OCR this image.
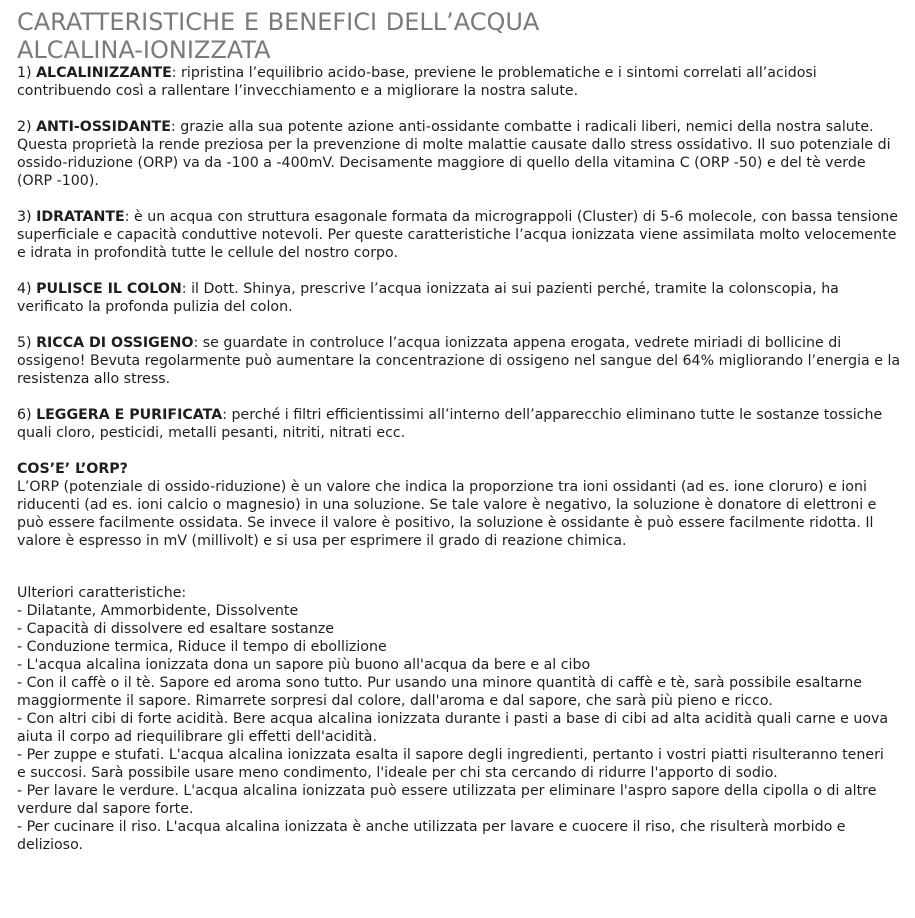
CARATTERISTICHE E BENEFICI DELL’ACQUA
ALCALINA-IONIZZATA

1) ALCALINIZZANTE: ripristina l’equilibrio acido-base, previene le problematiche e i sintomi correlati all’acidosi contribuendo così a rallentare l’invecchiamento e a migliorare la nostra salute.

2) ANTI-OSSIDANTE: grazie alla sua potente azione anti-ossidante combatte i radicali liberi, nemici della nostra salute. Questa proprietà la rende preziosa per la prevenzione di molte malattie causate dallo stress ossidativo. Il suo potenziale di ossido-riduzione (ORP) va da -100 a -400mV. Decisamente maggiore di quello della vitamina C (ORP -50) e del tè verde (ORP -100).

3) IDRATANTE: è un acqua con struttura esagonale formata da micrograppoli (Cluster) di 5-6 molecole, con bassa tensione superficiale e capacità conduttive notevoli. Per queste caratteristiche l’acqua ionizzata viene assimilata molto velocemente e idrata in profondità tutte le cellule del nostro corpo.

4) PULISCE IL COLON: il Dott. Shinya, prescrive l’acqua ionizzata ai sui pazienti perché, tramite la colonscopia, ha verificato la profonda pulizia del colon.

5) RICCA DI OSSIGENO: se guardate in controluce l’acqua ionizzata appena erogata, vedrete miriadi di bollicine di ossigeno! Bevuta regolarmente può aumentare la concentrazione di ossigeno nel sangue del 64% migliorando l’energia e la resistenza allo stress.

6) LEGGERA E PURIFICATA: perché i filtri efficientissimi all’interno dell’apparecchio eliminano tutte le sostanze tossiche quali cloro, pesticidi, metalli pesanti, nitriti, nitrati ecc.

COS’E’ L’ORP?

L’ORP (potenziale di ossido-riduzione) è un valore che indica la proporzione tra ioni ossidanti (ad es. ione cloruro) e ioni riducenti (ad es. ioni calcio o magnesio) in una soluzione. Se tale valore è negativo, la soluzione è donatore di elettroni e può essere facilmente ossidata. Se invece il valore è positivo, la soluzione è ossidante è può essere facilmente ridotta. Il valore è espresso in mV (millivolt) e si usa per esprimere il grado di reazione chimica.

Ulteriori caratteristiche:

- Dilatante, Ammorbidente, Dissolvente
- Capacità di dissolvere ed esaltare sostanze
- Conduzione termica, Riduce il tempo di ebollizione
- L'acqua alcalina ionizzata dona un sapore più buono all'acqua da bere e al cibo
- Con il caffè o il tè. Sapore ed aroma sono tutto. Pur usando una minore quantità di caffè e tè, sarà possibile esaltarne maggiormente il sapore. Rimarrete sorpresi dal colore, dall'aroma e dal sapore, che sarà più pieno e ricco.
- Con altri cibi di forte acidità. Bere acqua alcalina ionizzata durante i pasti a base di cibi ad alta acidità quali carne e uova aiuta il corpo ad riequilibrare gli effetti dell'acidità.
- Per zuppe e stufati. L'acqua alcalina ionizzata esalta il sapore degli ingredienti, pertanto i vostri piatti risulteranno teneri e succosi. Sarà possibile usare meno condimento, l'ideale per chi sta cercando di ridurre l'apporto di sodio.
- Per lavare le verdure. L'acqua alcalina ionizzata può essere utilizzata per eliminare l'aspro sapore della cipolla o di altre verdure dal sapore forte.
- Per cucinare il riso. L'acqua alcalina ionizzata è anche utilizzata per lavare e cuocere il riso, che risulterà morbido e delizioso.
